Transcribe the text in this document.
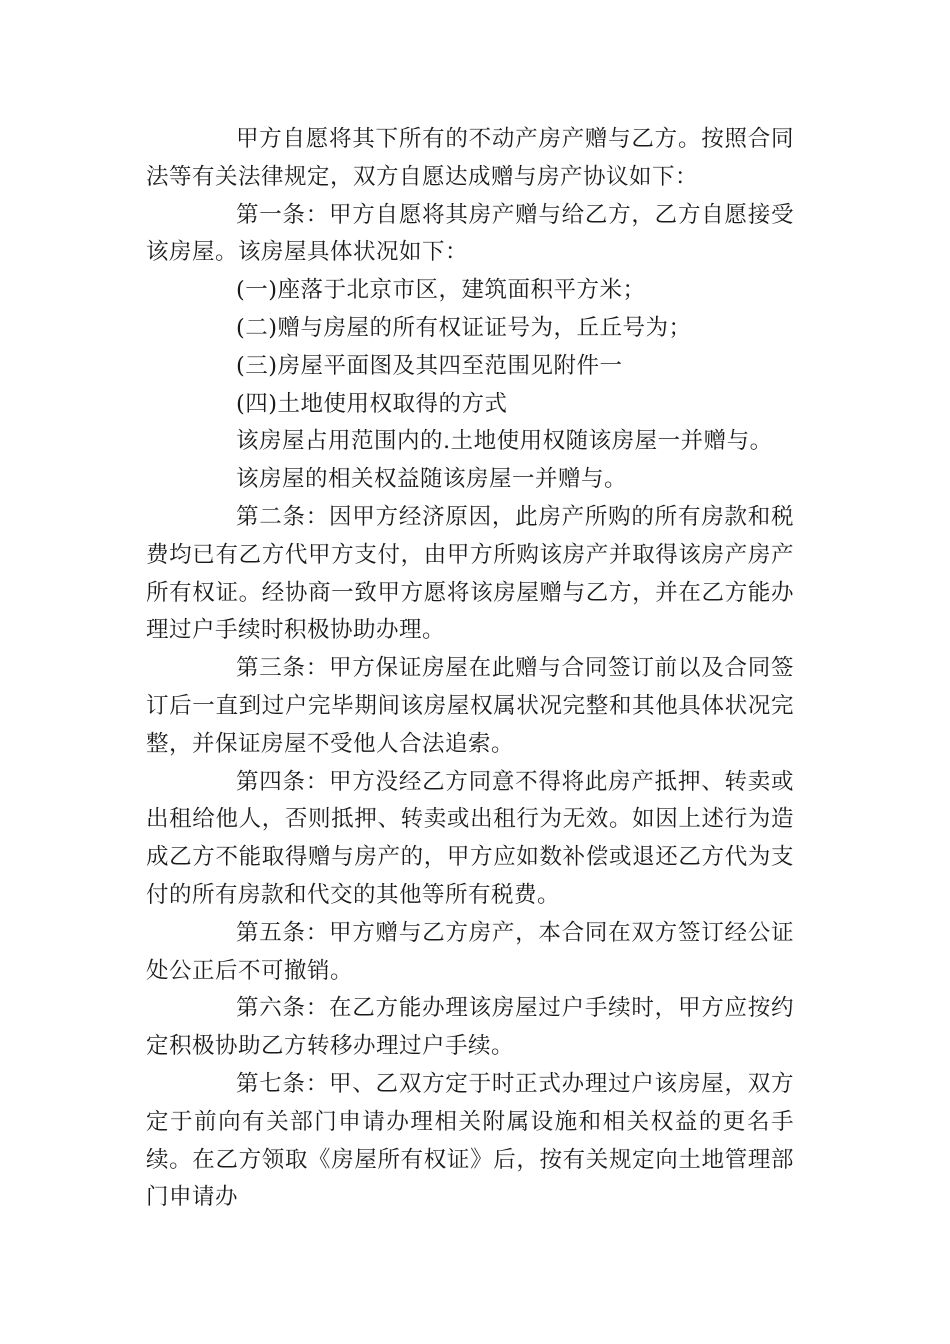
甲方自愿将其下所有的不动产房产赠与乙方。按照合同法等有关法律规定，双方自愿达成赠与房产协议如下：

第一条：甲方自愿将其房产赠与给乙方，乙方自愿接受该房屋。该房屋具体状况如下：

(一)座落于北京市区，建筑面积平方米；

(二)赠与房屋的所有权证证号为，丘丘号为；

(三)房屋平面图及其四至范围见附件一

(四)土地使用权取得的方式

该房屋占用范围内的.土地使用权随该房屋一并赠与。

该房屋的相关权益随该房屋一并赠与。

第二条：因甲方经济原因，此房产所购的所有房款和税费均已有乙方代甲方支付，由甲方所购该房产并取得该房产房产所有权证。经协商一致甲方愿将该房屋赠与乙方，并在乙方能办理过户手续时积极协助办理。

第三条：甲方保证房屋在此赠与合同签订前以及合同签订后一直到过户完毕期间该房屋权属状况完整和其他具体状况完整，并保证房屋不受他人合法追索。

第四条：甲方没经乙方同意不得将此房产抵押、转卖或出租给他人，否则抵押、转卖或出租行为无效。如因上述行为造成乙方不能取得赠与房产的，甲方应如数补偿或退还乙方代为支付的所有房款和代交的其他等所有税费。

第五条：甲方赠与乙方房产，本合同在双方签订经公证处公正后不可撤销。

第六条：在乙方能办理该房屋过户手续时，甲方应按约定积极协助乙方转移办理过户手续。

第七条：甲、乙双方定于时正式办理过户该房屋，双方定于前向有关部门申请办理相关附属设施和相关权益的更名手续。在乙方领取《房屋所有权证》后，按有关规定向土地管理部门申请办
